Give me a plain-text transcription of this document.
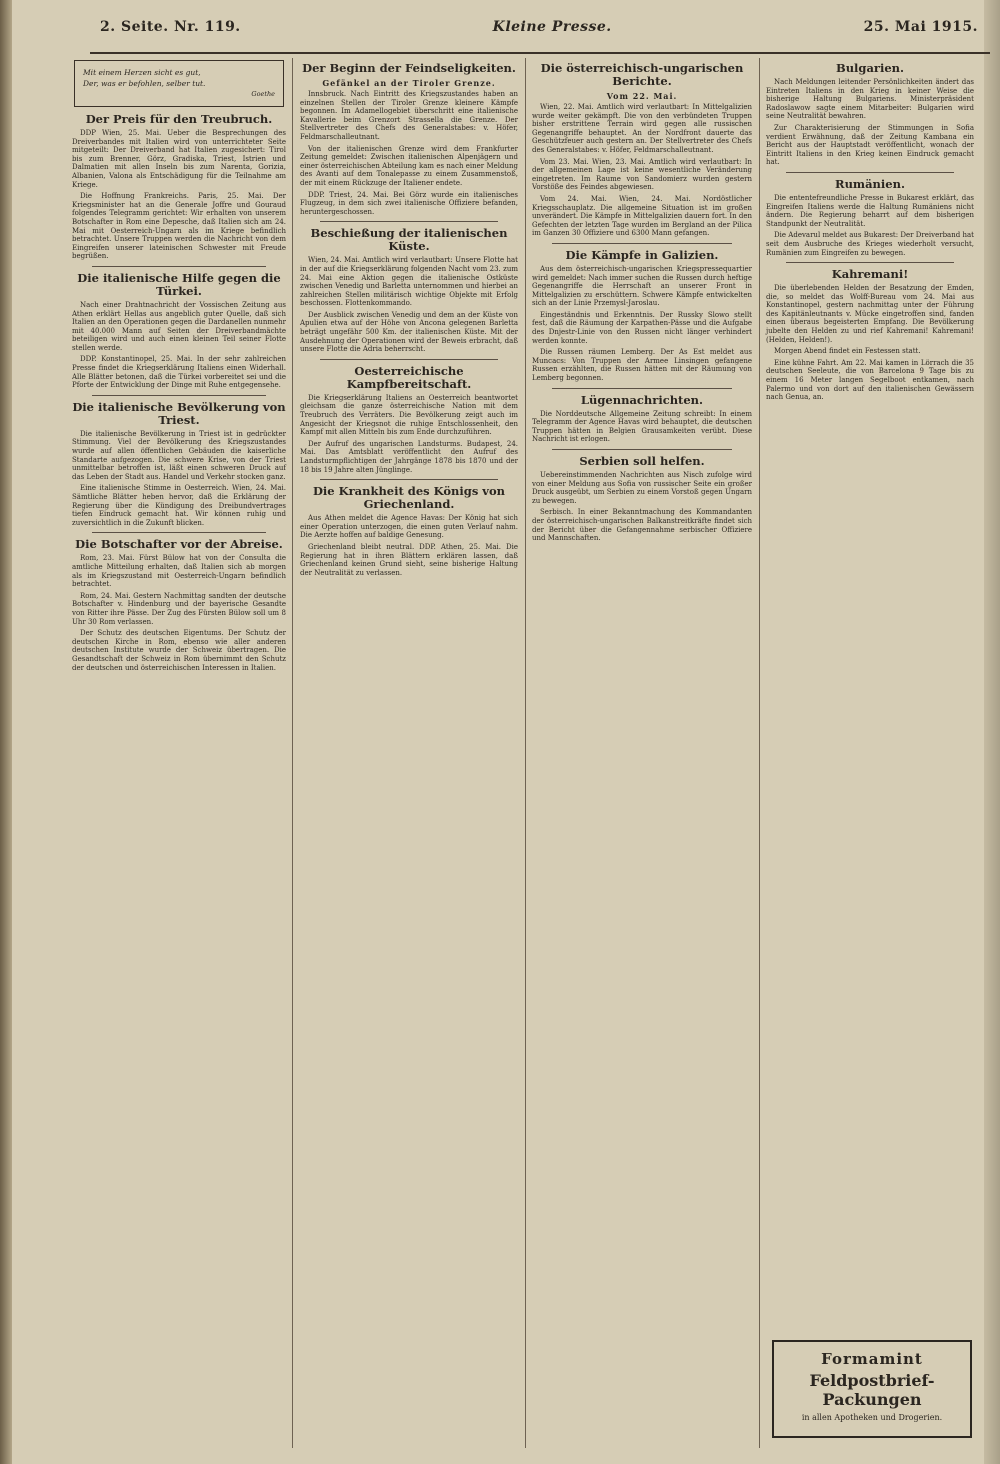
2. Seite. Nr. 119.	Kleine Presse.	25. Mai 1915.
Mit einem Herzen sicht es gut,
Der, was er befohlen, selber tut.
Goethe
Der Preis für den Treubruch.

DDP Wien, 25. Mai. Ueber die Besprechungen des Dreiverbandes mit Italien wird von unterrichteter Seite mitgeteilt: Der Dreiverband hat Italien zugesichert: Tirol bis zum Brenner, Görz, Gradiska, Triest, Istrien und Dalmatien mit allen Inseln bis zum Narenta, Gorizia, Albanien, Valona als Entschädigung für die Teilnahme am Kriege.

Die Hoffnung Frankreichs. Paris, 25. Mai. Der Kriegsminister hat an die Generale Joffre und Gouraud folgendes Telegramm gerichtet: Wir erhalten von unserem Botschafter in Rom eine Depesche, daß Italien sich am 24. Mai mit Oesterreich-Ungarn als im Kriege befindlich betrachtet. Unsere Truppen werden die Nachricht von dem Eingreifen unserer lateinischen Schwester mit Freude begrüßen.

Die italienische Hilfe gegen die Türkei.

Nach einer Drahtnachricht der Vossischen Zeitung aus Athen erklärt Hellas aus angeblich guter Quelle, daß sich Italien an den Operationen gegen die Dardanellen nunmehr mit 40.000 Mann auf Seiten der Dreiverbandmächte beteiligen wird und auch einen kleinen Teil seiner Flotte stellen werde.

DDP. Konstantinopel, 25. Mai. In der sehr zahlreichen Presse findet die Kriegserklärung Italiens einen Widerhall. Alle Blätter betonen, daß die Türkei vorbereitet sei und die Pforte der Entwicklung der Dinge mit Ruhe entgegensehe.

Die italienische Bevölkerung von Triest.

Die italienische Bevölkerung in Triest ist in gedrückter Stimmung. Viel der Bevölkerung des Kriegszustandes wurde auf allen öffentlichen Gebäuden die kaiserliche Standarte aufgezogen. Die schwere Krise, von der Triest unmittelbar betroffen ist, läßt einen schweren Druck auf das Leben der Stadt aus. Handel und Verkehr stocken ganz.

Eine italienische Stimme in Oesterreich. Wien, 24. Mai. Sämtliche Blätter heben hervor, daß die Erklärung der Regierung über die Kündigung des Dreibundvertrages tiefen Eindruck gemacht hat. Wir können ruhig und zuversichtlich in die Zukunft blicken.

Die Botschafter vor der Abreise.

Rom, 23. Mai. Fürst Bülow hat von der Consulta die amtliche Mitteilung erhalten, daß Italien sich ab morgen als im Kriegszustand mit Oesterreich-Ungarn befindlich betrachtet.

Rom, 24. Mai. Gestern Nachmittag sandten der deutsche Botschafter v. Hindenburg und der bayerische Gesandte von Ritter ihre Pässe. Der Zug des Fürsten Bülow soll um 8 Uhr 30 Rom verlassen.

Der Schutz des deutschen Eigentums. Der Schutz der deutschen Kirche in Rom, ebenso wie aller anderen deutschen Institute wurde der Schweiz übertragen. Die Gesandtschaft der Schweiz in Rom übernimmt den Schutz der deutschen und österreichischen Interessen in Italien.

Der Beginn der Feindseligkeiten.
Gefänkel an der Tiroler Grenze.

Innsbruck. Nach Eintritt des Kriegszustandes haben an einzelnen Stellen der Tiroler Grenze kleinere Kämpfe begonnen. Im Adamellogebiet überschritt eine italienische Kavallerie beim Grenzort Strassella die Grenze. Der Stellvertreter des Chefs des Generalstabes: v. Höfer, Feldmarschalleutnant.

Von der italienischen Grenze wird dem Frankfurter Zeitung gemeldet: Zwischen italienischen Alpenjägern und einer österreichischen Abteilung kam es nach einer Meldung des Avanti auf dem Tonalepasse zu einem Zusammenstoß, der mit einem Rückzuge der Italiener endete.

DDP. Triest, 24. Mai. Bei Görz wurde ein italienisches Flugzeug, in dem sich zwei italienische Offiziere befanden, heruntergeschossen.

Beschießung der italienischen Küste.

Wien, 24. Mai. Amtlich wird verlautbart: Unsere Flotte hat in der auf die Kriegserklärung folgenden Nacht vom 23. zum 24. Mai eine Aktion gegen die italienische Ostküste zwischen Venedig und Barletta unternommen und hierbei an zahlreichen Stellen militärisch wichtige Objekte mit Erfolg beschossen. Flottenkommando.

Der Ausblick zwischen Venedig und dem an der Küste von Apulien etwa auf der Höhe von Ancona gelegenen Barletta beträgt ungefähr 500 Km. der italienischen Küste. Mit der Ausdehnung der Operationen wird der Beweis erbracht, daß unsere Flotte die Adria beherrscht.

Oesterreichische Kampfbereitschaft.

Die Kriegserklärung Italiens an Oesterreich beantwortet gleichsam die ganze österreichische Nation mit dem Treubruch des Verräters. Die Bevölkerung zeigt auch im Angesicht der Kriegsnot die ruhige Entschlossenheit, den Kampf mit allen Mitteln bis zum Ende durchzuführen.

Der Aufruf des ungarischen Landsturms. Budapest, 24. Mai. Das Amtsblatt veröffentlicht den Aufruf des Landsturmpflichtigen der Jahrgänge 1878 bis 1870 und der 18 bis 19 Jahre alten Jünglinge.

Die Krankheit des Königs von Griechenland.

Aus Athen meldet die Agence Havas: Der König hat sich einer Operation unterzogen, die einen guten Verlauf nahm. Die Aerzte hoffen auf baldige Genesung.

Griechenland bleibt neutral. DDP. Athen, 25. Mai. Die Regierung hat in ihren Blättern erklären lassen, daß Griechenland keinen Grund sieht, seine bisherige Haltung der Neutralität zu verlassen.

Die österreichisch-ungarischen Berichte.
Vom 22. Mai.

Wien, 22. Mai. Amtlich wird verlautbart: In Mittelgalizien wurde weiter gekämpft. Die von den verbündeten Truppen bisher erstrittene Terrain wird gegen alle russischen Gegenangriffe behauptet. An der Nordfront dauerte das Geschützfeuer auch gestern an. Der Stellvertreter des Chefs des Generalstabes: v. Höfer, Feldmarschalleutnant.

Vom 23. Mai. Wien, 23. Mai. Amtlich wird verlautbart: In der allgemeinen Lage ist keine wesentliche Veränderung eingetreten. Im Raume von Sandomierz wurden gestern Vorstöße des Feindes abgewiesen.

Vom 24. Mai. Wien, 24. Mai. Nordöstlicher Kriegsschauplatz. Die allgemeine Situation ist im großen unverändert. Die Kämpfe in Mittelgalizien dauern fort. In den Gefechten der letzten Tage wurden im Bergland an der Pilica im Ganzen 30 Offiziere und 6300 Mann gefangen.

Die Kämpfe in Galizien.

Aus dem österreichisch-ungarischen Kriegspressequartier wird gemeldet: Nach immer suchen die Russen durch heftige Gegenangriffe die Herrschaft an unserer Front in Mittelgalizien zu erschüttern. Schwere Kämpfe entwickelten sich an der Linie Przemysl-Jaroslau.

Eingeständnis und Erkenntnis. Der Russky Slowo stellt fest, daß die Räumung der Karpathen-Pässe und die Aufgabe des Dnjestr-Linie von den Russen nicht länger verhindert werden konnte.

Die Russen räumen Lemberg. Der As Est meldet aus Muncacs: Von Truppen der Armee Linsingen gefangene Russen erzählten, die Russen hätten mit der Räumung von Lemberg begonnen.

Lügennachrichten.

Die Norddeutsche Allgemeine Zeitung schreibt: In einem Telegramm der Agence Havas wird behauptet, die deutschen Truppen hätten in Belgien Grausamkeiten verübt. Diese Nachricht ist erlogen.

Serbien soll helfen.

Uebereinstimmenden Nachrichten aus Nisch zufolge wird von einer Meldung aus Sofia von russischer Seite ein großer Druck ausgeübt, um Serbien zu einem Vorstoß gegen Ungarn zu bewegen.

Serbisch. In einer Bekanntmachung des Kommandanten der österreichisch-ungarischen Balkanstreitkräfte findet sich der Bericht über die Gefangennahme serbischer Offiziere und Mannschaften.

Bulgarien.

Nach Meldungen leitender Persönlichkeiten ändert das Eintreten Italiens in den Krieg in keiner Weise die bisherige Haltung Bulgariens. Ministerpräsident Radoslawow sagte einem Mitarbeiter: Bulgarien wird seine Neutralität bewahren.

Zur Charakterisierung der Stimmungen in Sofia verdient Erwähnung, daß der Zeitung Kambana ein Bericht aus der Hauptstadt veröffentlicht, wonach der Eintritt Italiens in den Krieg keinen Eindruck gemacht hat.

Rumänien.

Die ententefreundliche Presse in Bukarest erklärt, das Eingreifen Italiens werde die Haltung Rumäniens nicht ändern. Die Regierung beharrt auf dem bisherigen Standpunkt der Neutralität.

Die Adevarul meldet aus Bukarest: Der Dreiverband hat seit dem Ausbruche des Krieges wiederholt versucht, Rumänien zum Eingreifen zu bewegen.

Kahremani!

Die überlebenden Helden der Besatzung der Emden, die, so meldet das Wolff-Bureau vom 24. Mai aus Konstantinopel, gestern nachmittag unter der Führung des Kapitänleutnants v. Mücke eingetroffen sind, fanden einen überaus begeisterten Empfang. Die Bevölkerung jubelte den Helden zu und rief Kahremani! Kahremani! (Helden, Helden!).

Morgen Abend findet ein Festessen statt.

Eine kühne Fahrt. Am 22. Mai kamen in Lörrach die 35 deutschen Seeleute, die von Barcelona 9 Tage bis zu einem 16 Meter langen Segelboot entkamen, nach Palermo und von dort auf den italienischen Gewässern nach Genua, an.

Formamint
Feldpostbrief-Packungen
in allen Apotheken und Drogerien.
